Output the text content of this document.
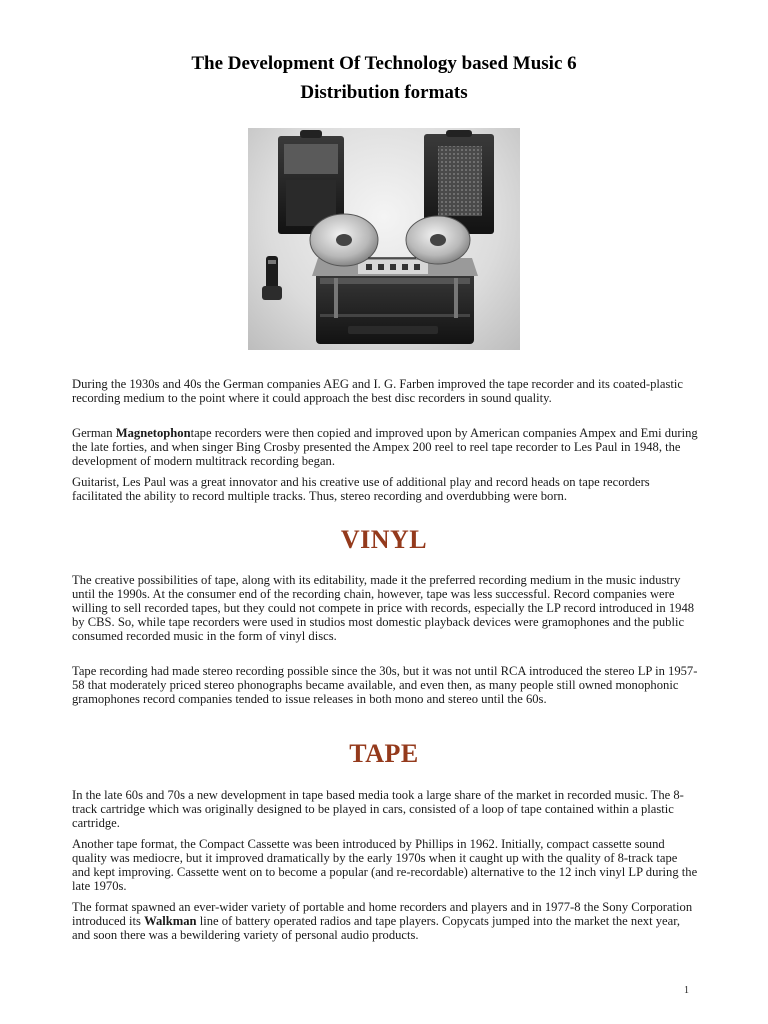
The Development Of Technology based Music 6
Distribution formats

During the 1930s and 40s the German companies AEG and I. G. Farben improved the tape recorder and its coated-plastic recording medium to the point where it could approach the best disc recorders in sound quality.

German Magnetophontape recorders were then copied and improved upon by American companies Ampex and Emi during the late forties, and when singer Bing Crosby presented the Ampex 200 reel to reel tape recorder to Les Paul in 1948, the development of modern multitrack recording began.

Guitarist, Les Paul was a great innovator and his creative use of additional play and record heads on tape recorders facilitated the ability to record multiple tracks. Thus, stereo recording and overdubbing were born.

VINYL

The creative possibilities of tape, along with its editability, made it the preferred recording medium in the music industry until the 1990s. At the consumer end of the recording chain, however, tape was less successful. Record companies were willing to sell recorded tapes, but they could not compete in price with records, especially the LP record introduced in 1948 by CBS. So, while tape recorders were used in studios most domestic playback devices were gramophones and the public consumed recorded music in the form of vinyl discs.

Tape recording had made stereo recording possible since the 30s, but it was not until RCA introduced the stereo LP in 1957-58 that moderately priced stereo phonographs became available, and even then, as many people still owned monophonic gramophones record companies tended to issue releases in both mono and stereo until the 60s.

TAPE

In the late 60s and 70s a new development in tape based media took a large share of the market in recorded music. The 8-track cartridge which was originally designed to be played in cars, consisted of a loop of tape contained within a plastic cartridge.

Another tape format, the Compact Cassette was been introduced by Phillips in 1962. Initially, compact cassette sound quality was mediocre, but it improved dramatically by the early 1970s when it caught up with the quality of 8-track tape and kept improving. Cassette went on to become a popular (and re-recordable) alternative to the 12 inch vinyl LP during the late 1970s.

The format spawned an ever-wider variety of portable and home recorders and players and in 1977-8 the Sony Corporation introduced its Walkman line of battery operated radios and tape players. Copycats jumped into the market the next year, and soon there was a bewildering variety of personal audio products.

1
